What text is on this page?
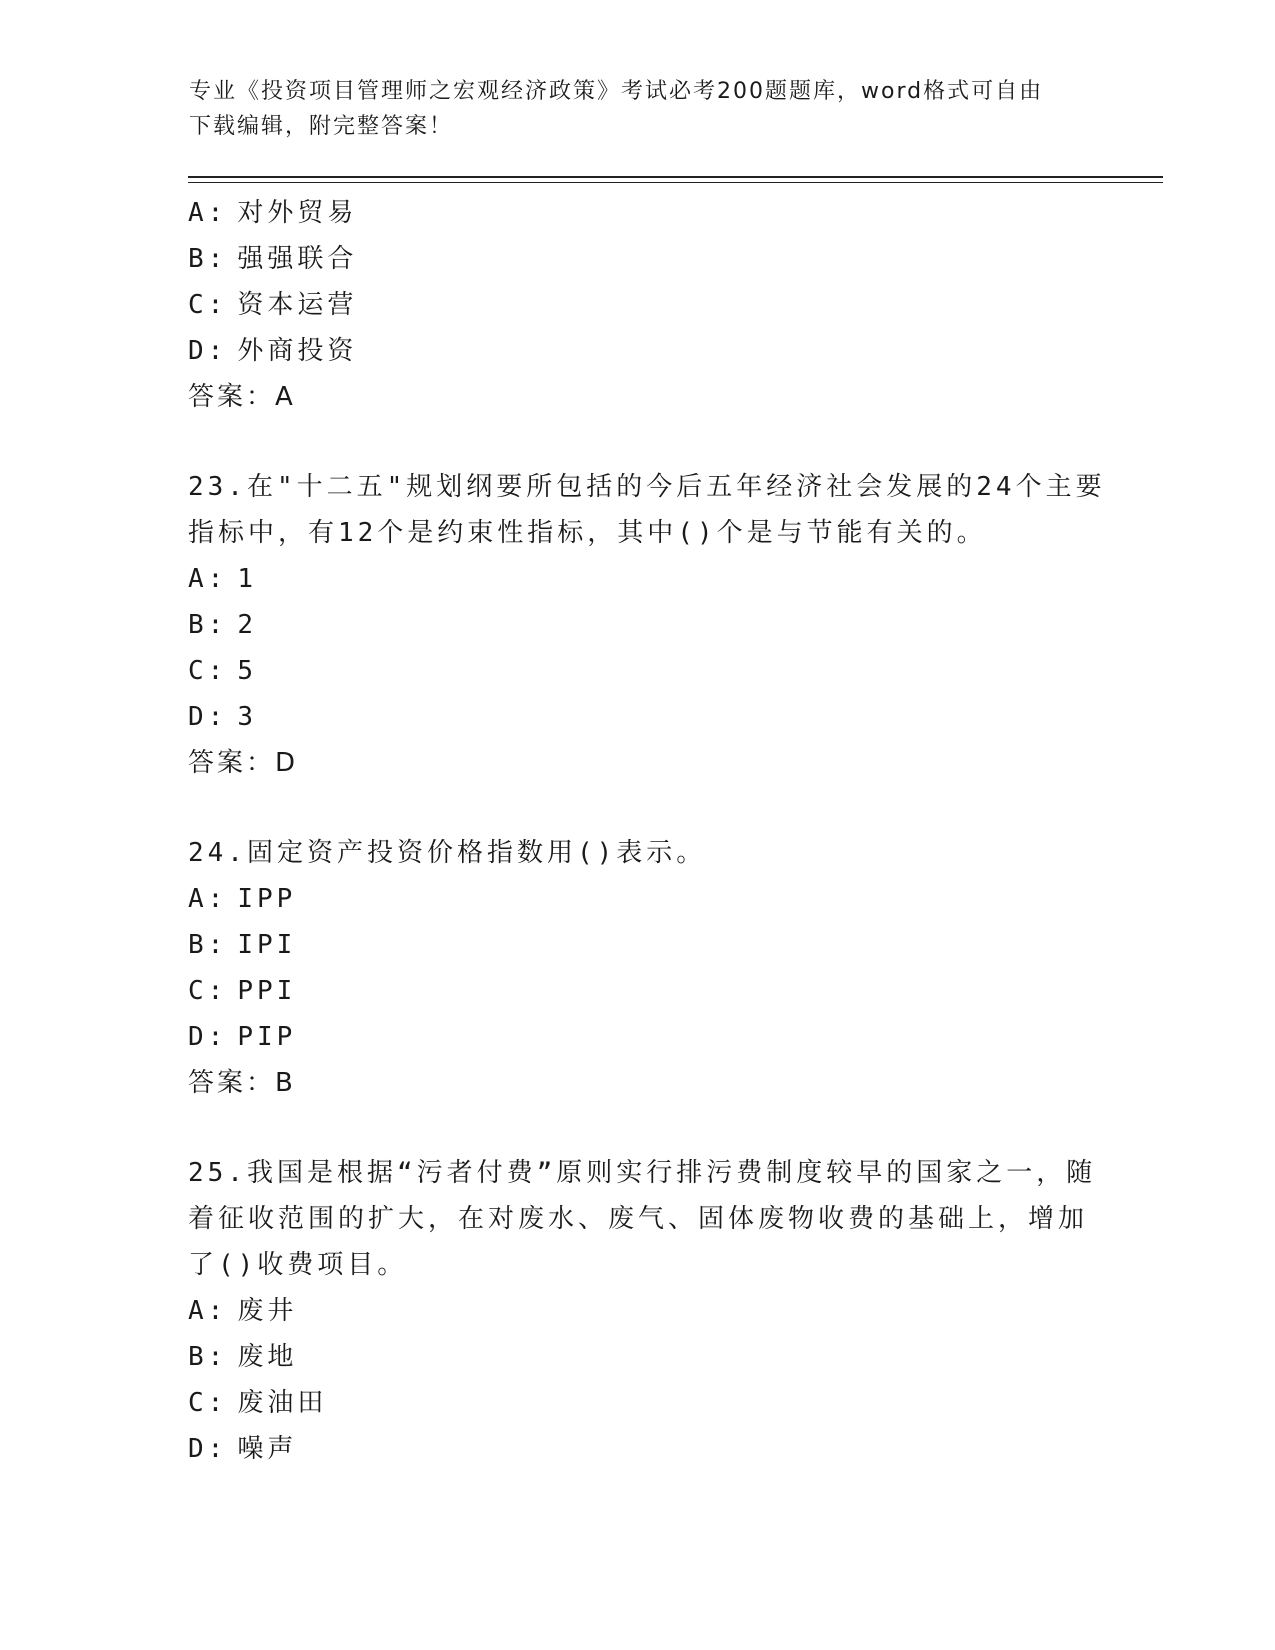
专业《投资项目管理师之宏观经济政策》考试必考200题题库，word格式可自由
下载编辑，附完整答案！
A: 对外贸易
B: 强强联合
C: 资本运营
D: 外商投资
答案：A
23.在"十二五"规划纲要所包括的今后五年经济社会发展的24个主要
指标中，有12个是约束性指标，其中()个是与节能有关的。
A: 1
B: 2
C: 5
D: 3
答案：D
24.固定资产投资价格指数用()表示。
A: IPP
B: IPI
C: PPI
D: PIP
答案：B
25.我国是根据“污者付费”原则实行排污费制度较早的国家之一，随
着征收范围的扩大，在对废水、废气、固体废物收费的基础上，增加
了()收费项目。
A: 废井
B: 废地
C: 废油田
D: 噪声
